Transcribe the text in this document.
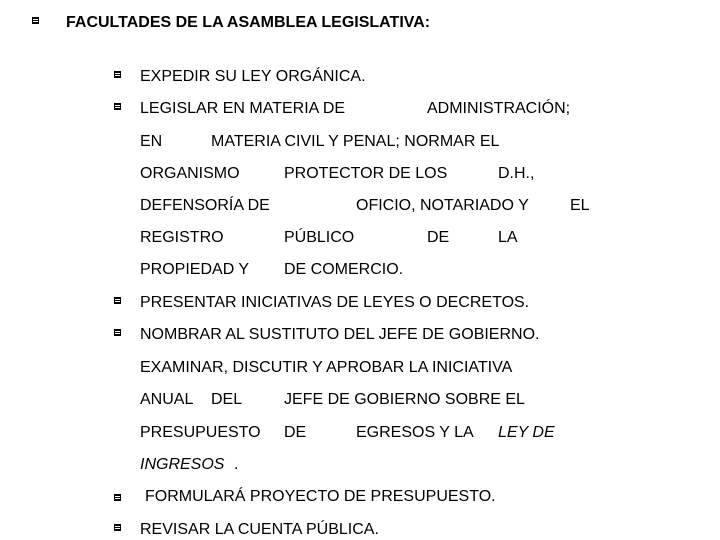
FACULTADES DE LA ASAMBLEA LEGISLATIVA:
EXPEDIR SU LEY ORGÁNICA.
LEGISLAR EN MATERIA DE	ADMINISTRACIÓN;
EN	MATERIA CIVIL Y PENAL; NORMAR EL
ORGANISMO	PROTECTOR DE LOS	D.H.,
DEFENSORÍA DE	OFICIO, NOTARIADO Y	EL
REGISTRO	PÚBLICO	DE	LA
PROPIEDAD Y DE COMERCIO.
PRESENTAR INICIATIVAS DE LEYES O DECRETOS.
NOMBRAR AL SUSTITUTO DEL JEFE DE GOBIERNO.
EXAMINAR, DISCUTIR Y APROBAR LA INICIATIVA
ANUAL DEL	JEFE DE GOBIERNO SOBRE EL
PRESUPUESTO DE	EGRESOS Y LA LEY DE
INGRESOS .
FORMULARÁ PROYECTO DE PRESUPUESTO.
REVISAR LA CUENTA PÚBLICA.
